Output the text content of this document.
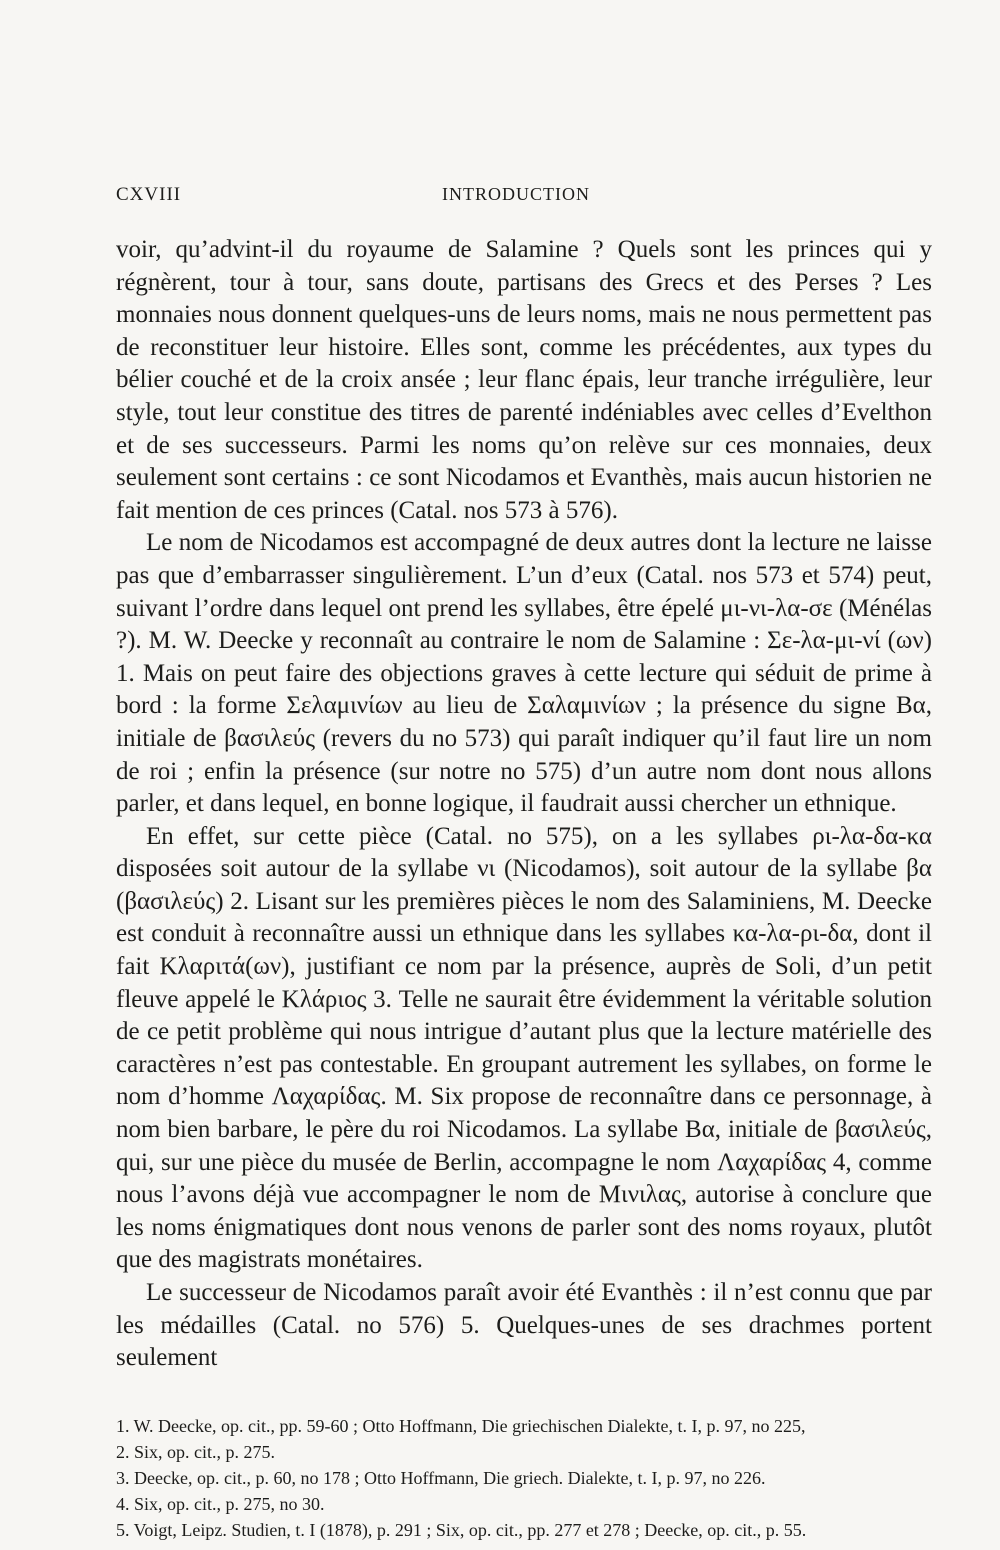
CXVIII	INTRODUCTION

voir, qu’advint-il du royaume de Salamine ? Quels sont les princes qui y régnèrent, tour à tour, sans doute, partisans des Grecs et des Perses ? Les monnaies nous donnent quelques-uns de leurs noms, mais ne nous permettent pas de reconstituer leur histoire. Elles sont, comme les précédentes, aux types du bélier couché et de la croix ansée ; leur flanc épais, leur tranche irrégulière, leur style, tout leur constitue des titres de parenté indéniables avec celles d’Evelthon et de ses successeurs. Parmi les noms qu’on relève sur ces monnaies, deux seulement sont certains : ce sont Nicodamos et Evanthès, mais aucun historien ne fait mention de ces princes (Catal. nos 573 à 576).

Le nom de Nicodamos est accompagné de deux autres dont la lecture ne laisse pas que d’embarrasser singulièrement. L’un d’eux (Catal. nos 573 et 574) peut, suivant l’ordre dans lequel ont prend les syllabes, être épelé μι-νι-λα-σε (Ménélas ?). M. W. Deecke y reconnaît au contraire le nom de Salamine : Σε-λα-μι-νί (ων) 1. Mais on peut faire des objections graves à cette lecture qui séduit de prime à bord : la forme Σελαμινίων au lieu de Σαλαμινίων ; la présence du signe Βα, initiale de βασιλεύς (revers du no 573) qui paraît indiquer qu’il faut lire un nom de roi ; enfin la présence (sur notre no 575) d’un autre nom dont nous allons parler, et dans lequel, en bonne logique, il faudrait aussi chercher un ethnique.

En effet, sur cette pièce (Catal. no 575), on a les syllabes ρι-λα-δα-κα disposées soit autour de la syllabe νι (Nicodamos), soit autour de la syllabe βα (βασιλεύς) 2. Lisant sur les premières pièces le nom des Salaminiens, M. Deecke est conduit à reconnaître aussi un ethnique dans les syllabes κα-λα-ρι-δα, dont il fait Κλαριτά(ων), justifiant ce nom par la présence, auprès de Soli, d’un petit fleuve appelé le Κλάριος 3. Telle ne saurait être évidemment la véritable solution de ce petit problème qui nous intrigue d’autant plus que la lecture matérielle des caractères n’est pas contestable. En groupant autrement les syllabes, on forme le nom d’homme Λαχαρίδας. M. Six propose de reconnaître dans ce personnage, à nom bien barbare, le père du roi Nicodamos. La syllabe Βα, initiale de βασιλεύς, qui, sur une pièce du musée de Berlin, accompagne le nom Λαχαρίδας 4, comme nous l’avons déjà vue accompagner le nom de Μινιλας, autorise à conclure que les noms énigmatiques dont nous venons de parler sont des noms royaux, plutôt que des magistrats monétaires.

Le successeur de Nicodamos paraît avoir été Evanthès : il n’est connu que par les médailles (Catal. no 576) 5. Quelques-unes de ses drachmes portent seulement

1. W. Deecke, op. cit., pp. 59-60 ; Otto Hoffmann, Die griechischen Dialekte, t. I, p. 97, no 225,
2. Six, op. cit., p. 275.
3. Deecke, op. cit., p. 60, no 178 ; Otto Hoffmann, Die griech. Dialekte, t. I, p. 97, no 226.
4. Six, op. cit., p. 275, no 30.
5. Voigt, Leipz. Studien, t. I (1878), p. 291 ; Six, op. cit., pp. 277 et 278 ; Deecke, op. cit., p. 55.
